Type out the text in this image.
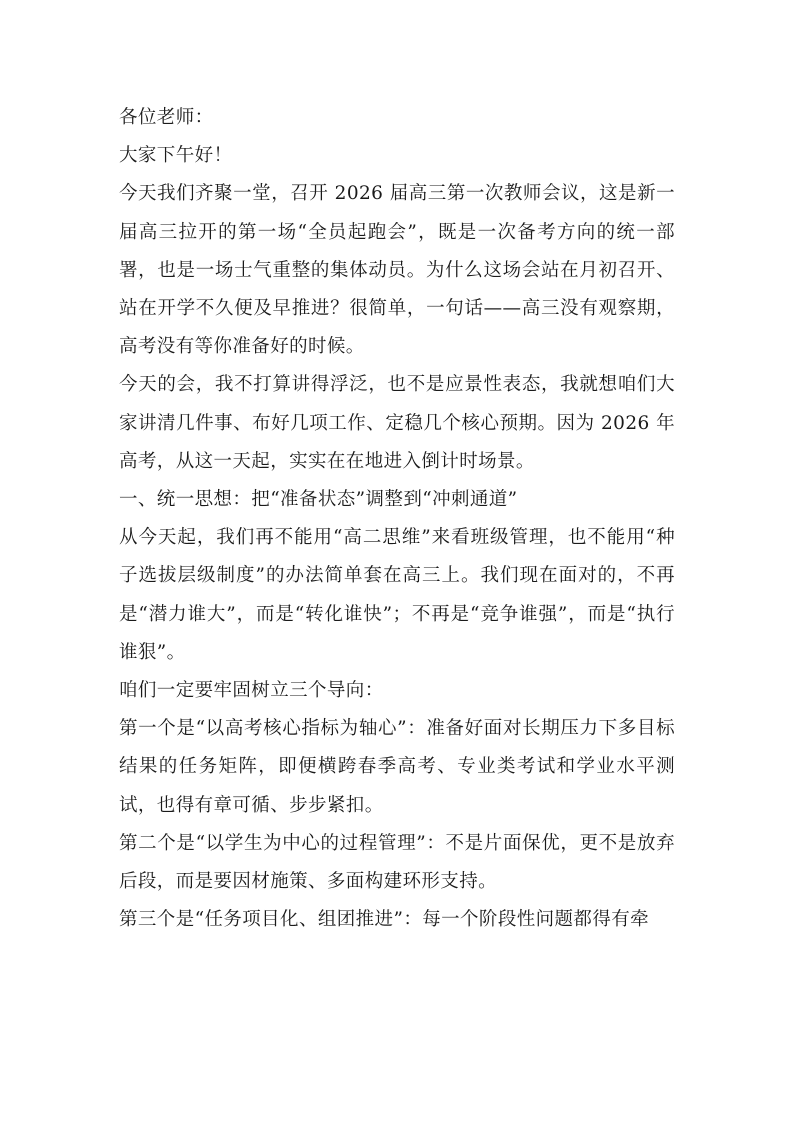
各位老师：

大家下午好！

今天我们齐聚一堂，召开 2026 届高三第一次教师会议，这是新一届高三拉开的第一场“全员起跑会”，既是一次备考方向的统一部署，也是一场士气重整的集体动员。为什么这场会站在月初召开、站在开学不久便及早推进？很简单，一句话——高三没有观察期，高考没有等你准备好的时候。

今天的会，我不打算讲得浮泛，也不是应景性表态，我就想咱们大家讲清几件事、布好几项工作、定稳几个核心预期。因为 2026 年高考，从这一天起，实实在在地进入倒计时场景。

一、统一思想：把“准备状态”调整到“冲刺通道”

从今天起，我们再不能用“高二思维”来看班级管理，也不能用“种子选拔层级制度”的办法简单套在高三上。我们现在面对的，不再是“潜力谁大”，而是“转化谁快”；不再是“竞争谁强”，而是“执行谁狠”。

咱们一定要牢固树立三个导向：

第一个是“以高考核心指标为轴心”：准备好面对长期压力下多目标结果的任务矩阵，即便横跨春季高考、专业类考试和学业水平测试，也得有章可循、步步紧扣。

第二个是“以学生为中心的过程管理”：不是片面保优，更不是放弃后段，而是要因材施策、多面构建环形支持。

第三个是“任务项目化、组团推进”：每一个阶段性问题都得有牵
